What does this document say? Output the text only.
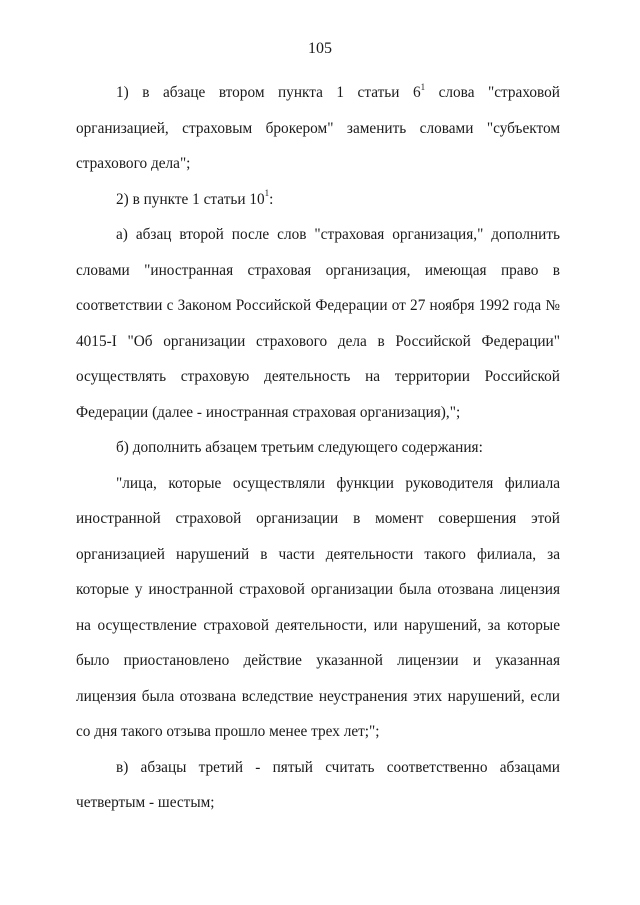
105

1) в абзаце втором пункта 1 статьи $6^1$ слова "страховой организацией, страховым брокером" заменить словами "субъектом страхового дела";

2) в пункте 1 статьи $10^1$:

а) абзац второй после слов "страховая организация," дополнить словами "иностранная страховая организация, имеющая право в соответствии с Законом Российской Федерации от 27 ноября 1992 года № 4015-I "Об организации страхового дела в Российской Федерации" осуществлять страховую деятельность на территории Российской Федерации (далее - иностранная страховая организация),";

б) дополнить абзацем третьим следующего содержания:

"лица, которые осуществляли функции руководителя филиала иностранной страховой организации в момент совершения этой организацией нарушений в части деятельности такого филиала, за которые у иностранной страховой организации была отозвана лицензия на осуществление страховой деятельности, или нарушений, за которые было приостановлено действие указанной лицензии и указанная лицензия была отозвана вследствие неустранения этих нарушений, если со дня такого отзыва прошло менее трех лет;";

в) абзацы третий - пятый считать соответственно абзацами четвертым - шестым;
